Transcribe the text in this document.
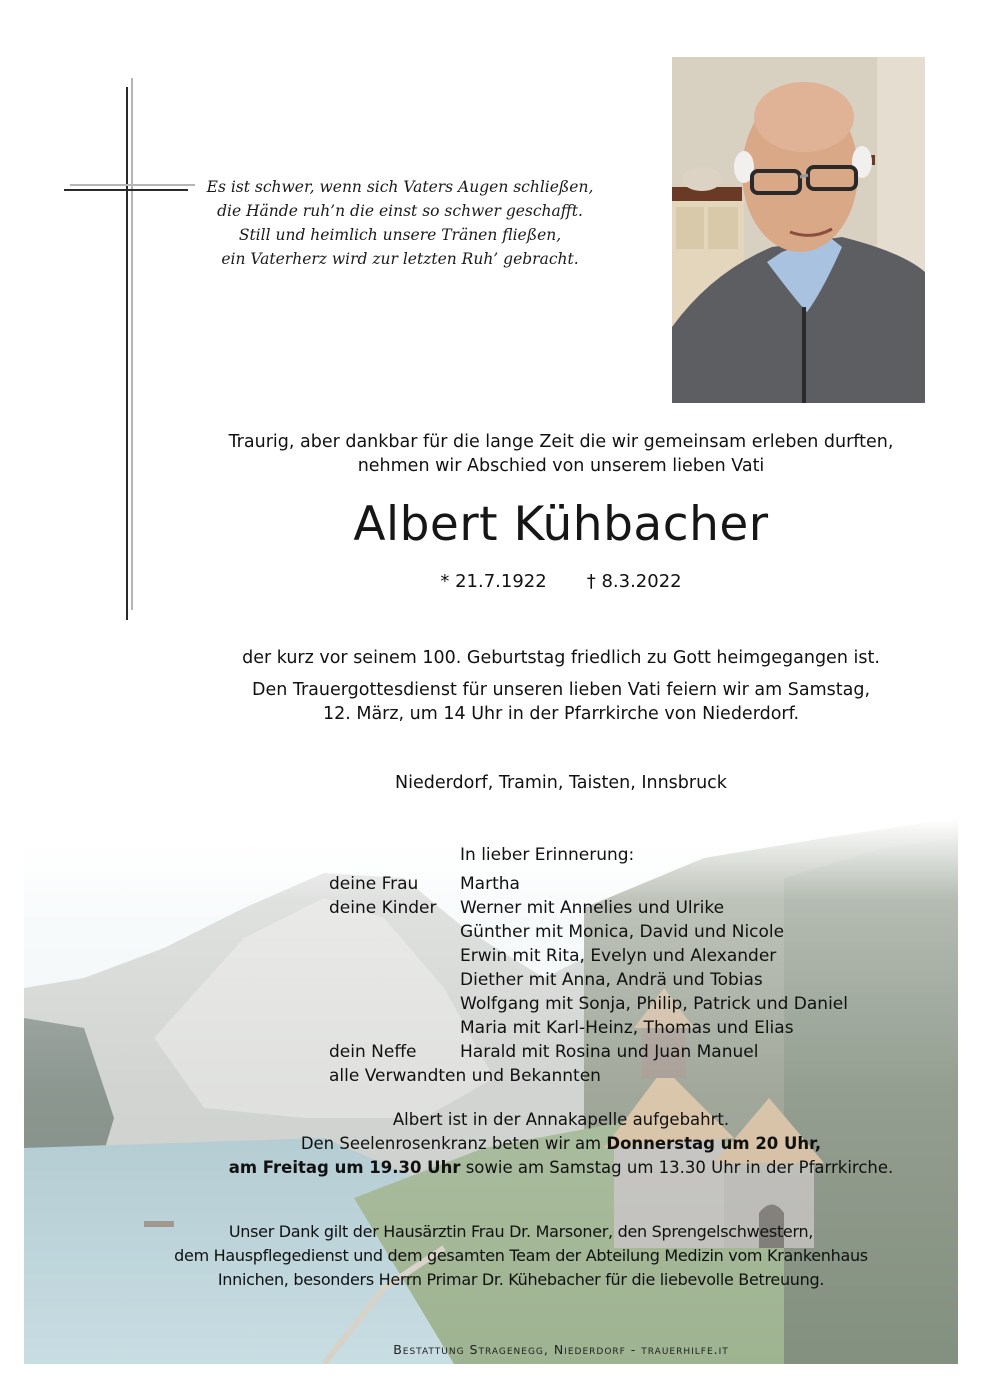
Es ist schwer, wenn sich Vaters Augen schließen,
die Hände ruh’n die einst so schwer geschafft.
Still und heimlich unsere Tränen fließen,
ein Vaterherz wird zur letzten Ruh’ gebracht.
Traurig, aber dankbar für die lange Zeit die wir gemeinsam erleben durften,
nehmen wir Abschied von unserem lieben Vati
Albert Kühbacher
* 21.7.1922 † 8.3.2022
der kurz vor seinem 100. Geburtstag friedlich zu Gott heimgegangen ist.
Den Trauergottesdienst für unseren lieben Vati feiern wir am Samstag,
12. März, um 14 Uhr in der Pfarrkirche von Niederdorf.
Niederdorf, Tramin, Taisten, Innsbruck
In lieber Erinnerung:
deine Frau	Martha
deine Kinder	Werner mit Annelies und Ulrike
Günther mit Monica, David und Nicole
Erwin mit Rita, Evelyn und Alexander
Diether mit Anna, Andrä und Tobias
Wolfgang mit Sonja, Philip, Patrick und Daniel
Maria mit Karl-Heinz, Thomas und Elias
dein Neffe	Harald mit Rosina und Juan Manuel
alle Verwandten und Bekannten
Albert ist in der Annakapelle aufgebahrt.
Den Seelenrosenkranz beten wir am Donnerstag um 20 Uhr,
am Freitag um 19.30 Uhr sowie am Samstag um 13.30 Uhr in der Pfarrkirche.
Unser Dank gilt der Hausärztin Frau Dr. Marsoner, den Sprengelschwestern,
dem Hauspflegedienst und dem gesamten Team der Abteilung Medizin vom Krankenhaus
Innichen, besonders Herrn Primar Dr. Kühebacher für die liebevolle Betreuung.
Bestattung Stragenegg, Niederdorf - trauerhilfe.it
